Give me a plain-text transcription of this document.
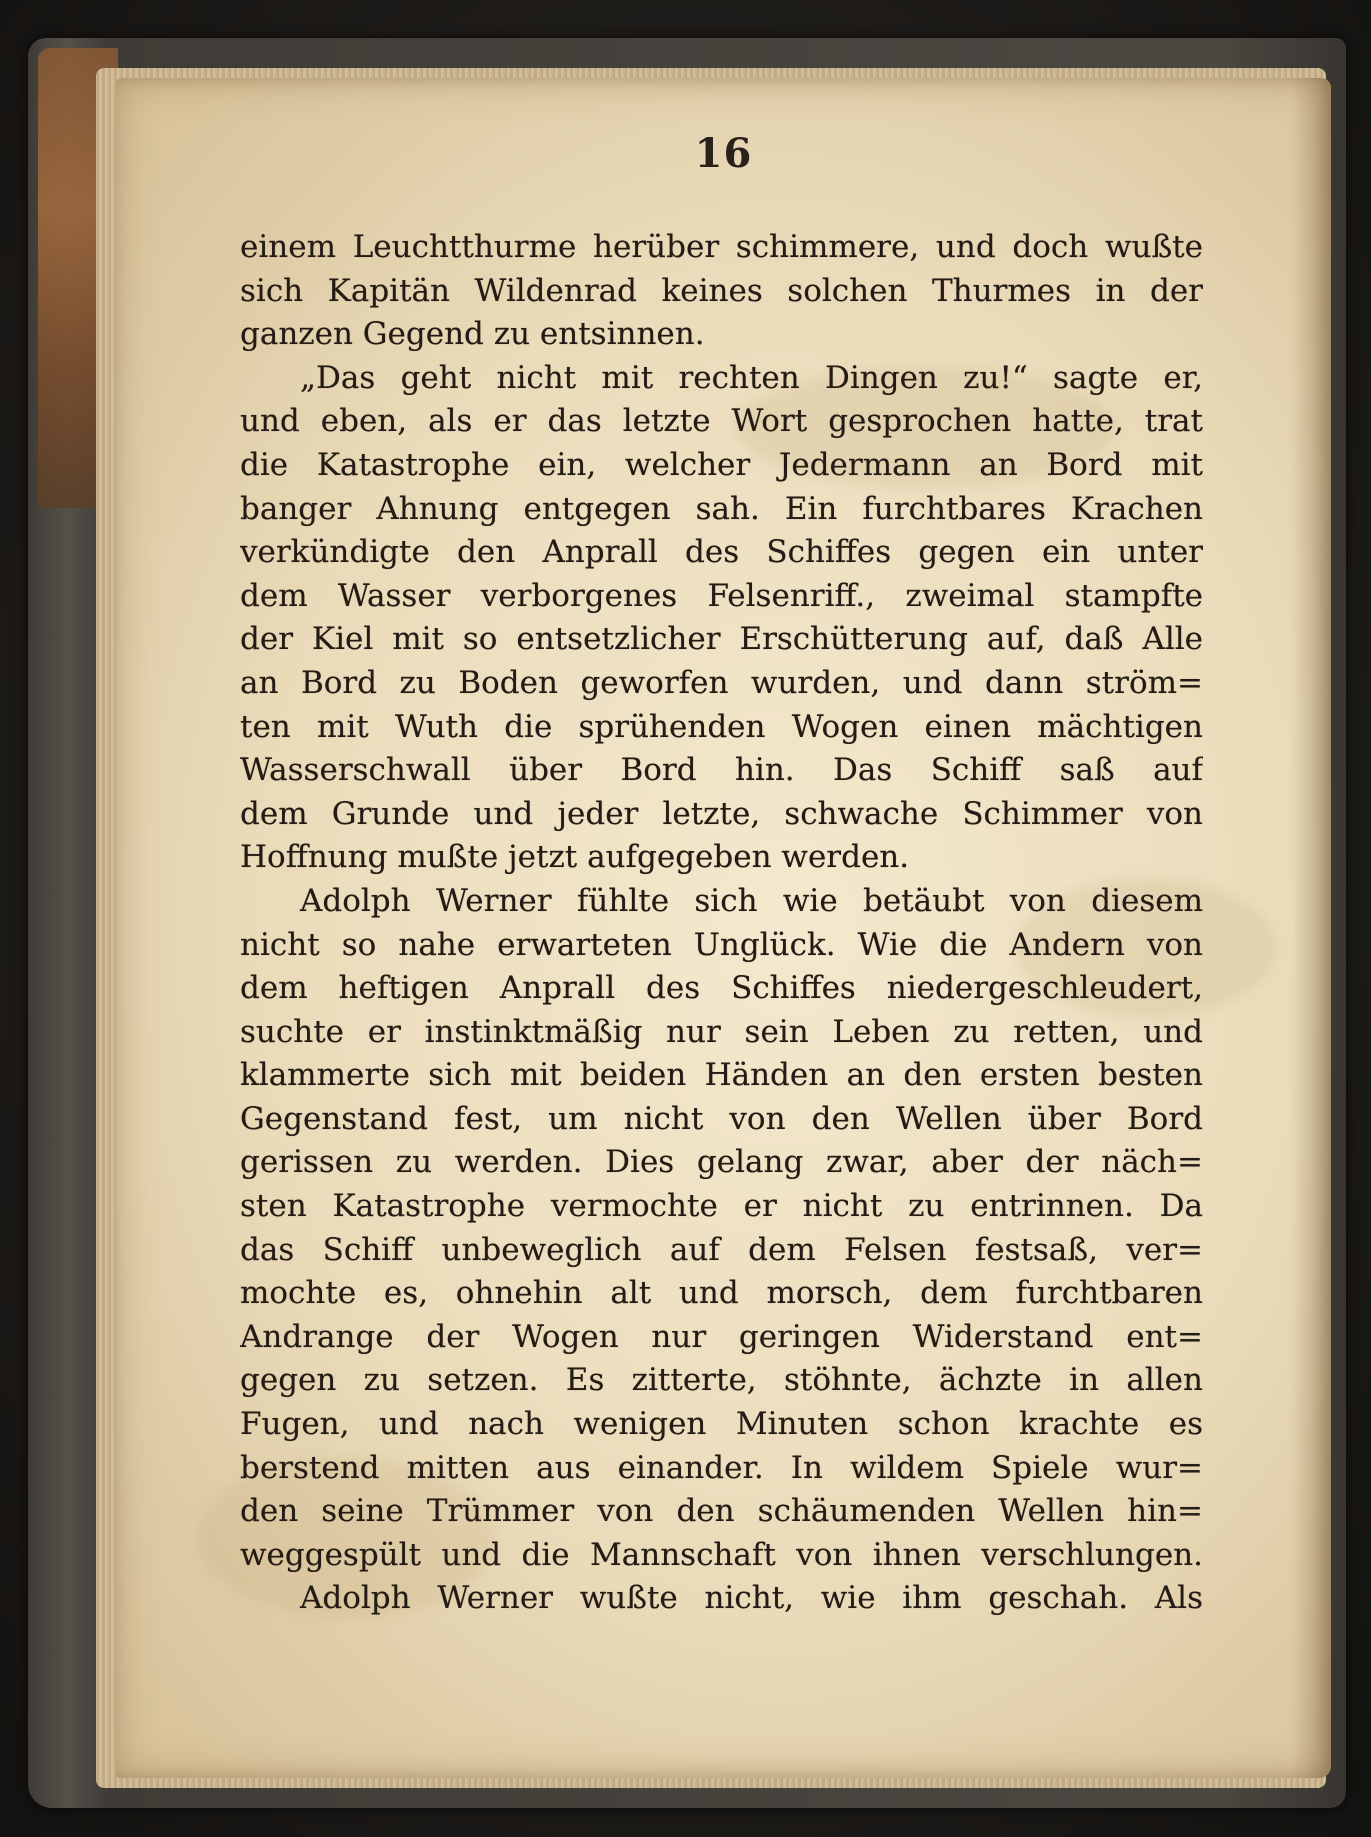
16
einem Leuchtthurme herüber schimmere, und doch wußte
sich Kapitän Wildenrad keines solchen Thurmes in der
ganzen Gegend zu entsinnen.
„Das geht nicht mit rechten Dingen zu!“ sagte er,
und eben, als er das letzte Wort gesprochen hatte, trat
die Katastrophe ein, welcher Jedermann an Bord mit
banger Ahnung entgegen sah. Ein furchtbares Krachen
verkündigte den Anprall des Schiffes gegen ein unter
dem Wasser verborgenes Felsenriff., zweimal stampfte
der Kiel mit so entsetzlicher Erschütterung auf, daß Alle
an Bord zu Boden geworfen wurden, und dann ström=
ten mit Wuth die sprühenden Wogen einen mächtigen
Wasserschwall über Bord hin. Das Schiff saß auf
dem Grunde und jeder letzte, schwache Schimmer von
Hoffnung mußte jetzt aufgegeben werden.
Adolph Werner fühlte sich wie betäubt von diesem
nicht so nahe erwarteten Unglück. Wie die Andern von
dem heftigen Anprall des Schiffes niedergeschleudert,
suchte er instinktmäßig nur sein Leben zu retten, und
klammerte sich mit beiden Händen an den ersten besten
Gegenstand fest, um nicht von den Wellen über Bord
gerissen zu werden. Dies gelang zwar, aber der näch=
sten Katastrophe vermochte er nicht zu entrinnen. Da
das Schiff unbeweglich auf dem Felsen festsaß, ver=
mochte es, ohnehin alt und morsch, dem furchtbaren
Andrange der Wogen nur geringen Widerstand ent=
gegen zu setzen. Es zitterte, stöhnte, ächzte in allen
Fugen, und nach wenigen Minuten schon krachte es
berstend mitten aus einander. In wildem Spiele wur=
den seine Trümmer von den schäumenden Wellen hin=
weggespült und die Mannschaft von ihnen verschlungen.
Adolph Werner wußte nicht, wie ihm geschah. Als
